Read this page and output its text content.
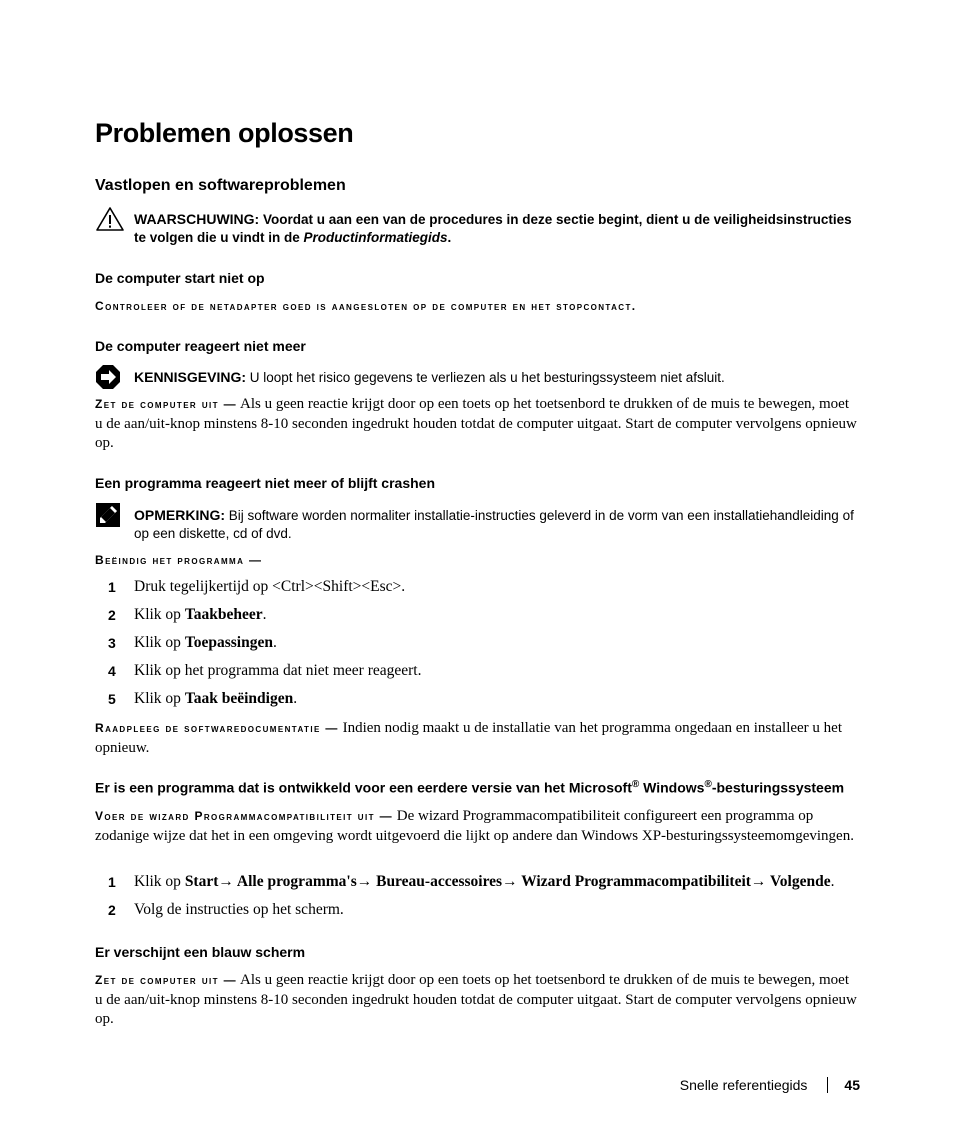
Problemen oplossen
Vastlopen en softwareproblemen
WAARSCHUWING: Voordat u aan een van de procedures in deze sectie begint, dient u de veiligheidsinstructies te volgen die u vindt in de Productinformatiegids.
De computer start niet op
Controleer of de netadapter goed is aangesloten op de computer en het stopcontact.
De computer reageert niet meer
KENNISGEVING: U loopt het risico gegevens te verliezen als u het besturingssysteem niet afsluit.
Zet de computer uit — Als u geen reactie krijgt door op een toets op het toetsenbord te drukken of de muis te bewegen, moet u de aan/uit-knop minstens 8-10 seconden ingedrukt houden totdat de computer uitgaat. Start de computer vervolgens opnieuw op.
Een programma reageert niet meer of blijft crashen
OPMERKING: Bij software worden normaliter installatie-instructies geleverd in de vorm van een installatiehandleiding of op een diskette, cd of dvd.
Beëindig het programma —
1 Druk tegelijkertijd op <Ctrl><Shift><Esc>.
2 Klik op Taakbeheer.
3 Klik op Toepassingen.
4 Klik op het programma dat niet meer reageert.
5 Klik op Taak beëindigen.
Raadpleeg de softwaredocumentatie — Indien nodig maakt u de installatie van het programma ongedaan en installeer u het opnieuw.
Er is een programma dat is ontwikkeld voor een eerdere versie van het Microsoft® Windows®-besturingssysteem
Voer de wizard Programmacompatibiliteit uit — De wizard Programmacompatibiliteit configureert een programma op zodanige wijze dat het in een omgeving wordt uitgevoerd die lijkt op andere dan Windows XP-besturingssysteemomgevingen.
1 Klik op Start→ Alle programma's→ Bureau-accessoires→ Wizard Programmacompatibiliteit→ Volgende.
2 Volg de instructies op het scherm.
Er verschijnt een blauw scherm
Zet de computer uit — Als u geen reactie krijgt door op een toets op het toetsenbord te drukken of de muis te bewegen, moet u de aan/uit-knop minstens 8-10 seconden ingedrukt houden totdat de computer uitgaat. Start de computer vervolgens opnieuw op.
Snelle referentiegids	45
